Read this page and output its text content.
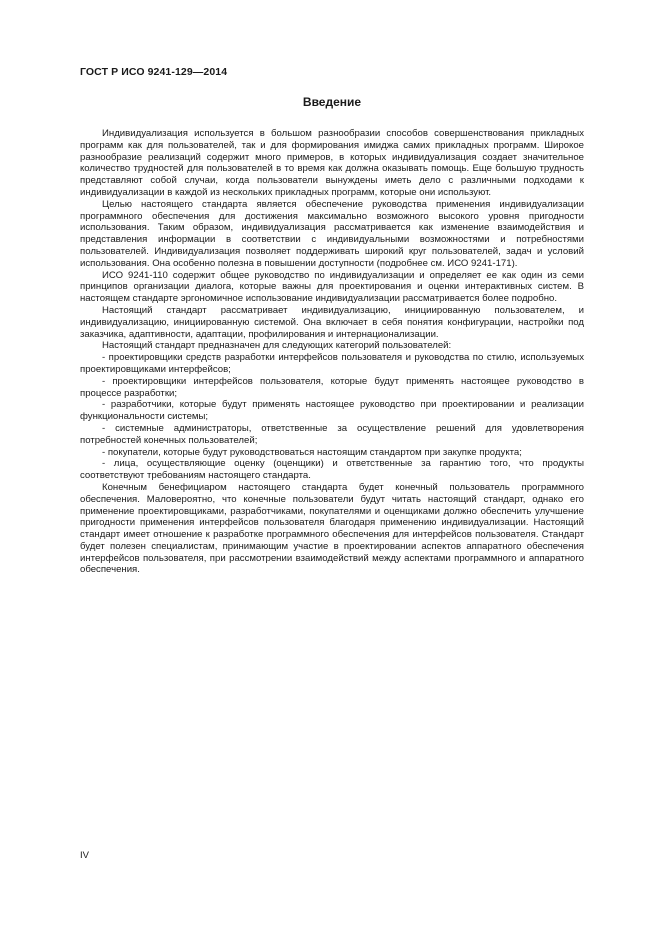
ГОСТ Р ИСО 9241-129—2014
Введение

Индивидуализация используется в большом разнообразии способов совершенствования прикладных программ как для пользователей, так и для формирования имиджа самих прикладных программ. Широкое разнообразие реализаций содержит много примеров, в которых индивидуализация создает значительное количество трудностей для пользователей в то время как должна оказывать помощь. Еще большую трудность представляют собой случаи, когда пользователи вынуждены иметь дело с различными подходами к индивидуализации в каждой из нескольких прикладных программ, которые они используют.

Целью настоящего стандарта является обеспечение руководства применения индивидуализации программного обеспечения для достижения максимально возможного высокого уровня пригодности использования. Таким образом, индивидуализация рассматривается как изменение взаимодействия и представления информации в соответствии с индивидуальными возможностями и потребностями пользователей. Индивидуализация позволяет поддерживать широкий круг пользователей, задач и условий использования. Она особенно полезна в повышении доступности (подробнее см. ИСО 9241-171).

ИСО 9241-110 содержит общее руководство по индивидуализации и определяет ее как один из семи принципов организации диалога, которые важны для проектирования и оценки интерактивных систем. В настоящем стандарте эргономичное использование индивидуализации рассматривается более подробно.

Настоящий стандарт рассматривает индивидуализацию, инициированную пользователем, и индивидуализацию, инициированную системой. Она включает в себя понятия конфигурации, настройки под заказчика, адаптивности, адаптации, профилирования и интернационализации.

Настоящий стандарт предназначен для следующих категорий пользователей:

- проектировщики средств разработки интерфейсов пользователя и руководства по стилю, используемых проектировщиками интерфейсов;

- проектировщики интерфейсов пользователя, которые будут применять настоящее руководство в процессе разработки;

- разработчики, которые будут применять настоящее руководство при проектировании и реализации функциональности системы;

- системные администраторы, ответственные за осуществление решений для удовлетворения потребностей конечных пользователей;

- покупатели, которые будут руководствоваться настоящим стандартом при закупке продукта;

- лица, осуществляющие оценку (оценщики) и ответственные за гарантию того, что продукты соответствуют требованиям настоящего стандарта.

Конечным бенефициаром настоящего стандарта будет конечный пользователь программного обеспечения. Маловероятно, что конечные пользователи будут читать настоящий стандарт, однако его применение проектировщиками, разработчиками, покупателями и оценщиками должно обеспечить улучшение пригодности применения интерфейсов пользователя благодаря применению индивидуализации. Настоящий стандарт имеет отношение к разработке программного обеспечения для интерфейсов пользователя. Стандарт будет полезен специалистам, принимающим участие в проектировании аспектов аппаратного обеспечения интерфейсов пользователя, при рассмотрении взаимодействий между аспектами программного и аппаратного обеспечения.

IV
